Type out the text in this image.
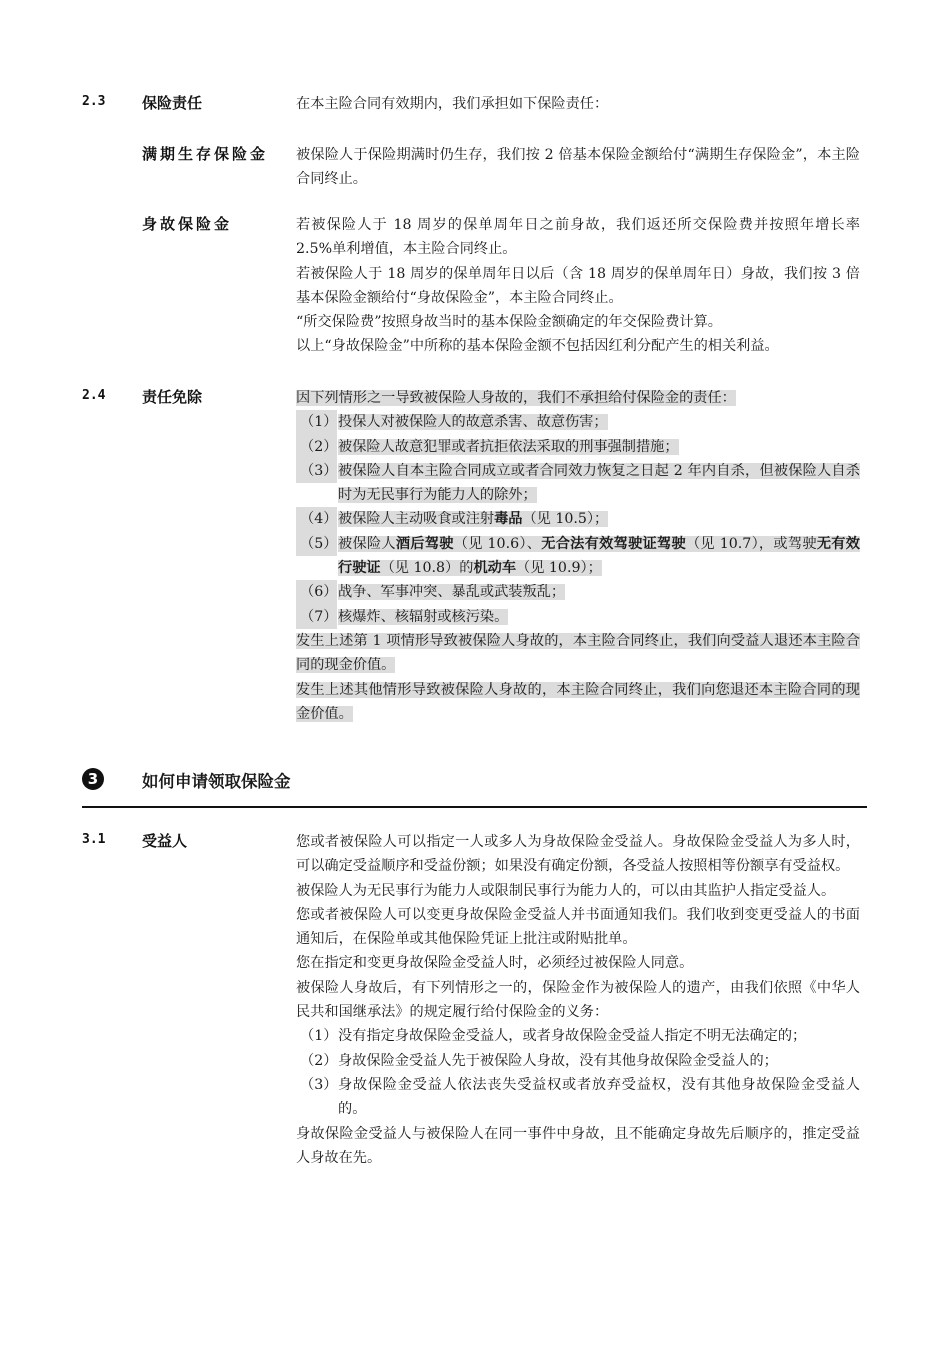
2.3 保险责任	在本主险合同有效期内，我们承担如下保险责任：
满期生存保险金 被保险人于保险期满时仍生存，我们按 2 倍基本保险金额给付“满期生存保险金”，本主险合同终止。
身故保险金	若被保险人于 18 周岁的保单周年日之前身故，我们返还所交保险费并按照年增长率 2.5%单利增值，本主险合同终止。
若被保险人于 18 周岁的保单周年日以后（含 18 周岁的保单周年日）身故，我们按 3 倍基本保险金额给付“身故保险金”，本主险合同终止。
“所交保险费”按照身故当时的基本保险金额确定的年交保险费计算。
以上“身故保险金”中所称的基本保险金额不包括因红利分配产生的相关利益。
2.4 责任免除	因下列情形之一导致被保险人身故的，我们不承担给付保险金的责任：
（1） 投保人对被保险人的故意杀害、故意伤害；
（2） 被保险人故意犯罪或者抗拒依法采取的刑事强制措施；
（3） 被保险人自本主险合同成立或者合同效力恢复之日起 2 年内自杀，但被保险人自杀时为无民事行为能力人的除外；
（4） 被保险人主动吸食或注射毒品（见 10.5）；
（5） 被保险人酒后驾驶（见 10.6）、无合法有效驾驶证驾驶（见 10.7），或驾驶无有效行驶证（见 10.8）的机动车（见 10.9）；
（6） 战争、军事冲突、暴乱或武装叛乱；
（7） 核爆炸、核辐射或核污染。
发生上述第 1 项情形导致被保险人身故的，本主险合同终止，我们向受益人退还本主险合同的现金价值。
发生上述其他情形导致被保险人身故的，本主险合同终止，我们向您退还本主险合同的现金价值。
3	如何申请领取保险金
3.1 受益人	您或者被保险人可以指定一人或多人为身故保险金受益人。身故保险金受益人为多人时，可以确定受益顺序和受益份额；如果没有确定份额，各受益人按照相等份额享有受益权。
被保险人为无民事行为能力人或限制民事行为能力人的，可以由其监护人指定受益人。
您或者被保险人可以变更身故保险金受益人并书面通知我们。我们收到变更受益人的书面通知后，在保险单或其他保险凭证上批注或附贴批单。
您在指定和变更身故保险金受益人时，必须经过被保险人同意。
被保险人身故后，有下列情形之一的，保险金作为被保险人的遗产，由我们依照《中华人民共和国继承法》的规定履行给付保险金的义务：
（1） 没有指定身故保险金受益人，或者身故保险金受益人指定不明无法确定的；
（2） 身故保险金受益人先于被保险人身故，没有其他身故保险金受益人的；
（3） 身故保险金受益人依法丧失受益权或者放弃受益权，没有其他身故保险金受益人的。
身故保险金受益人与被保险人在同一事件中身故，且不能确定身故先后顺序的，推定受益人身故在先。
